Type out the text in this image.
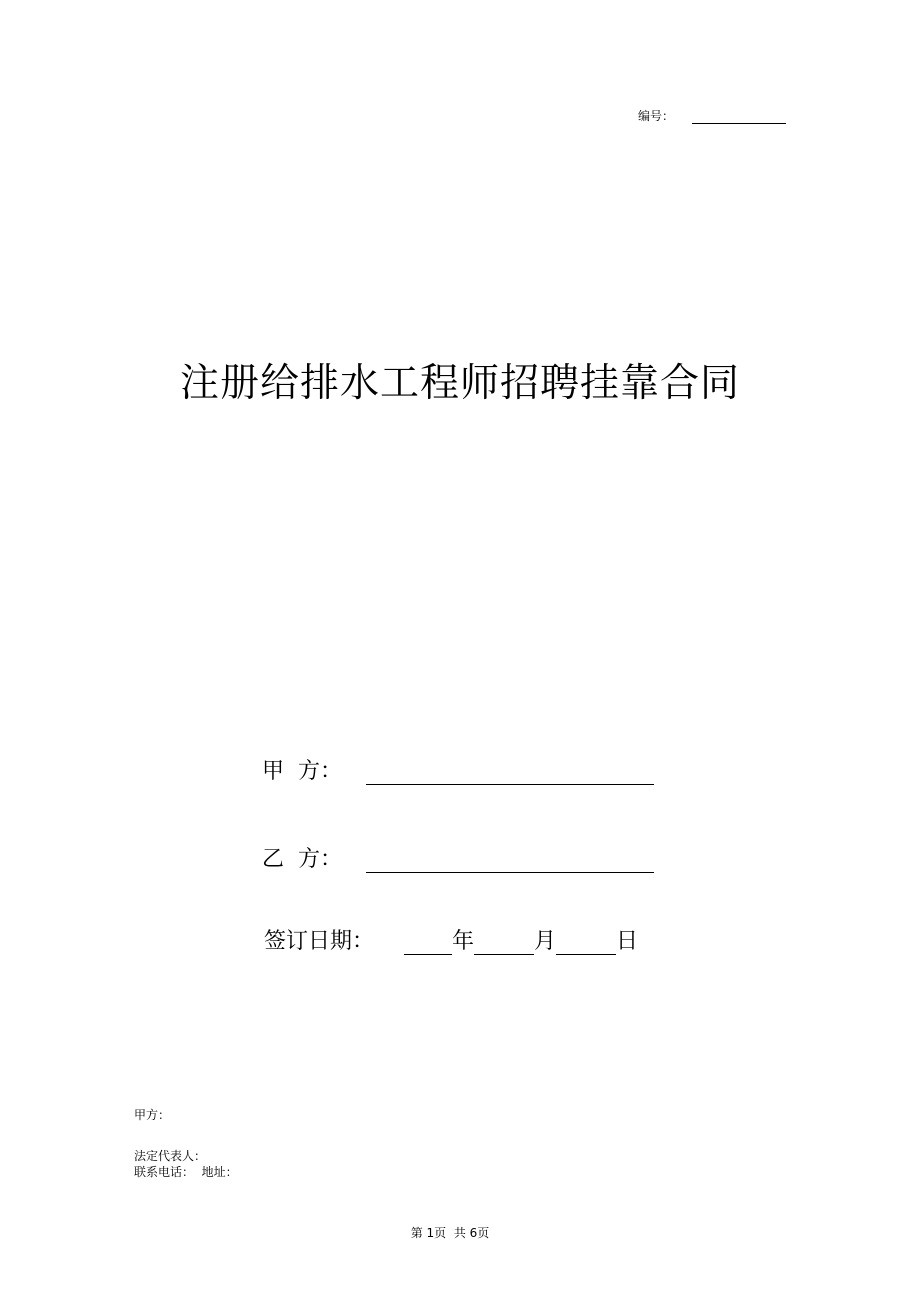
编号：
注册给排水工程师招聘挂靠合同
甲  方：
乙  方：
签订日期：	年	月	日
甲方：
法定代表人：
联系电话：  地址：
第 1页  共 6页
